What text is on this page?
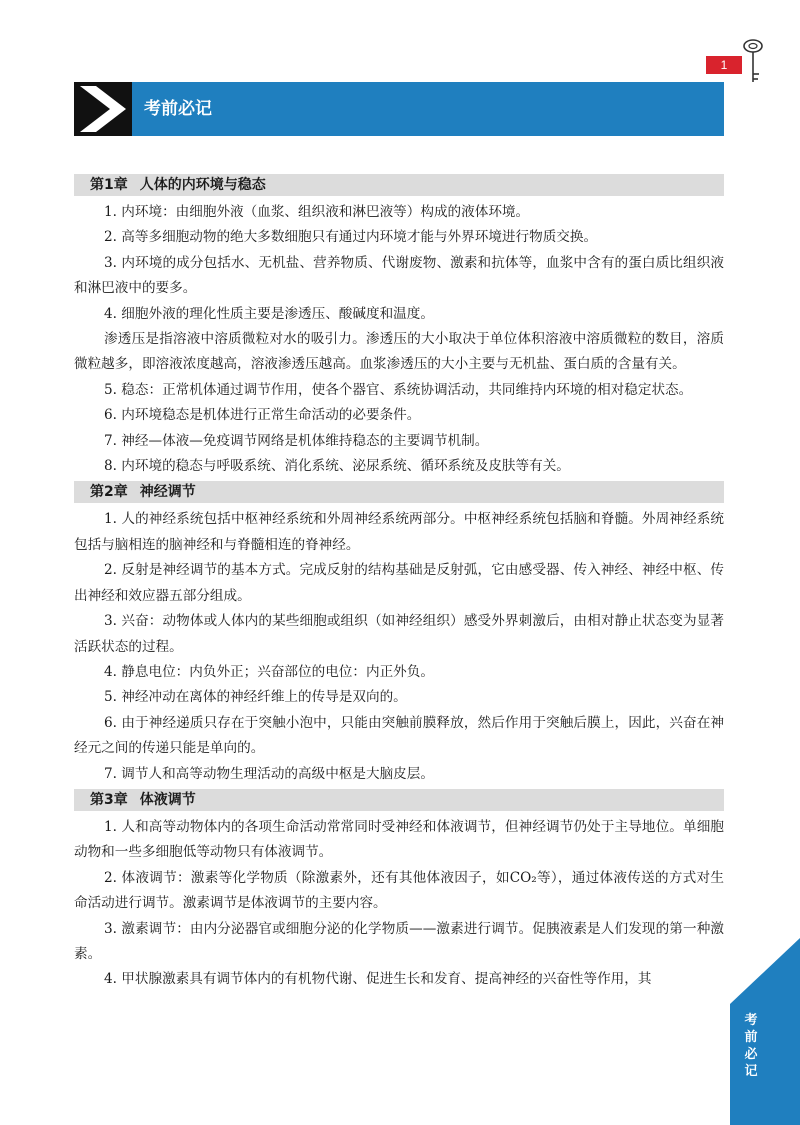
1
考前必记
第1章 人体的内环境与稳态

1. 内环境：由细胞外液（血浆、组织液和淋巴液等）构成的液体环境。

2. 高等多细胞动物的绝大多数细胞只有通过内环境才能与外界环境进行物质交换。

3. 内环境的成分包括水、无机盐、营养物质、代谢废物、激素和抗体等，血浆中含有的蛋白质比组织液和淋巴液中的要多。

4. 细胞外液的理化性质主要是渗透压、酸碱度和温度。

渗透压是指溶液中溶质微粒对水的吸引力。渗透压的大小取决于单位体积溶液中溶质微粒的数目，溶质微粒越多，即溶液浓度越高，溶液渗透压越高。血浆渗透压的大小主要与无机盐、蛋白质的含量有关。

5. 稳态：正常机体通过调节作用，使各个器官、系统协调活动，共同维持内环境的相对稳定状态。

6. 内环境稳态是机体进行正常生命活动的必要条件。

7. 神经—体液—免疫调节网络是机体维持稳态的主要调节机制。

8. 内环境的稳态与呼吸系统、消化系统、泌尿系统、循环系统及皮肤等有关。

第2章 神经调节

1. 人的神经系统包括中枢神经系统和外周神经系统两部分。中枢神经系统包括脑和脊髓。外周神经系统包括与脑相连的脑神经和与脊髓相连的脊神经。

2. 反射是神经调节的基本方式。完成反射的结构基础是反射弧，它由感受器、传入神经、神经中枢、传出神经和效应器五部分组成。

3. 兴奋：动物体或人体内的某些细胞或组织（如神经组织）感受外界刺激后，由相对静止状态变为显著活跃状态的过程。

4. 静息电位：内负外正；兴奋部位的电位：内正外负。

5. 神经冲动在离体的神经纤维上的传导是双向的。

6. 由于神经递质只存在于突触小泡中，只能由突触前膜释放，然后作用于突触后膜上，因此，兴奋在神经元之间的传递只能是单向的。

7. 调节人和高等动物生理活动的高级中枢是大脑皮层。

第3章 体液调节

1. 人和高等动物体内的各项生命活动常常同时受神经和体液调节，但神经调节仍处于主导地位。单细胞动物和一些多细胞低等动物只有体液调节。

2. 体液调节：激素等化学物质（除激素外，还有其他体液因子，如CO₂等），通过体液传送的方式对生命活动进行调节。激素调节是体液调节的主要内容。

3. 激素调节：由内分泌器官或细胞分泌的化学物质——激素进行调节。促胰液素是人们发现的第一种激素。

4. 甲状腺激素具有调节体内的有机物代谢、促进生长和发育、提高神经的兴奋性等作用，其

考前必记
